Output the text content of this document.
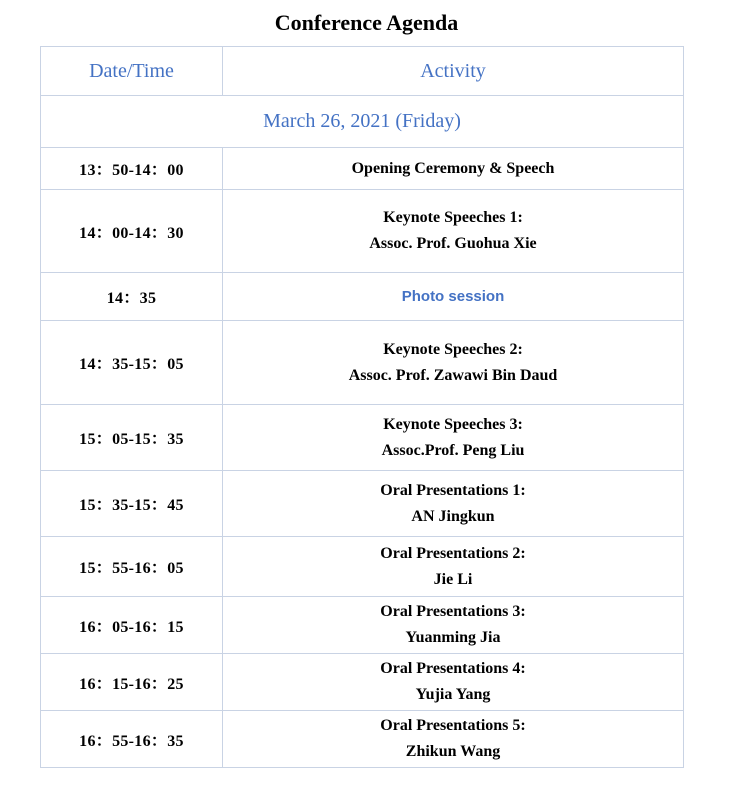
Conference Agenda
Date/Time	Activity
March 26, 2021 (Friday)	
13：50-14：00	Opening Ceremony & Speech

14：00-14：30	Keynote Speeches 1:
Assoc. Prof. Guohua Xie

14：35	Photo session

14：35-15：05	Keynote Speeches 2:
Assoc. Prof. Zawawi Bin Daud

15：05-15：35	Keynote Speeches 3:
Assoc.Prof. Peng Liu

15：35-15：45	Oral Presentations 1:
AN Jingkun

15：55-16：05	Oral Presentations 2:
Jie Li

16：05-16：15	Oral Presentations 3:
Yuanming Jia

16：15-16：25	Oral Presentations 4:
Yujia Yang

16：55-16：35	Oral Presentations 5:
Zhikun Wang
